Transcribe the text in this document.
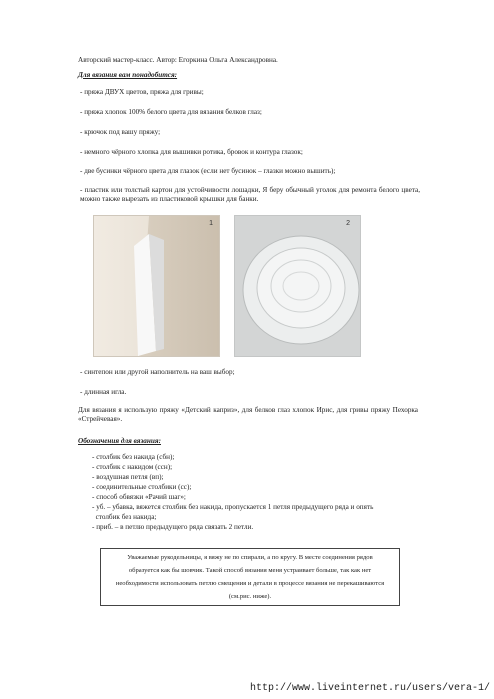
Авторский мастер-класс. Автор: Егоркина Ольга Александровна.
Для вязания вам понадобится:
- пряжа ДВУХ цветов, пряжа для гривы;
- пряжа хлопок 100% белого цвета для вязания белков глаз;
- крючок под вашу пряжу;
- немного чёрного хлопка для вышивки ротика, бровок и контура глазок;
- две бусинки чёрного цвета для глазок (если нет бусинок – глазки можно вышить);
- пластик или толстый картон для устойчивости лошадки, Я беру обычный уголок для ремонта белого цвета, можно также вырезать из пластиковой крышки для банки.
1	2
- синтепон или другой наполнитель на ваш выбор;
- длинная игла.
Для вязания я использую пряжу «Детский каприз», для белков глаз хлопок Ирис, для гривы пряжу Пехорка «Стрейчевая».
Обозначения для вязания:
- столбик без накида (сбн);
- столбик с накидом (ссн);
- воздушная петля (вп);
- соединительные столбики (сс);
- способ обвязки «Рачий шаг»;
- уб. – убавка, вяжется столбик без накида, пропускается 1 петля предыдущего ряда и опять
столбик без накида;
- приб. – в петлю предыдущего ряда связать 2 петли.
Уважаемые рукодельницы, я вяжу не по спирали, а по кругу. В месте соединения рядов
образуется как бы шовчик. Такой способ вязания меня устраивает больше, так как нет
необходимости использовать петлю смещения и детали в процессе вязания не перекашиваются
(см.рис. ниже).
http://www.liveinternet.ru/users/vera-1/
